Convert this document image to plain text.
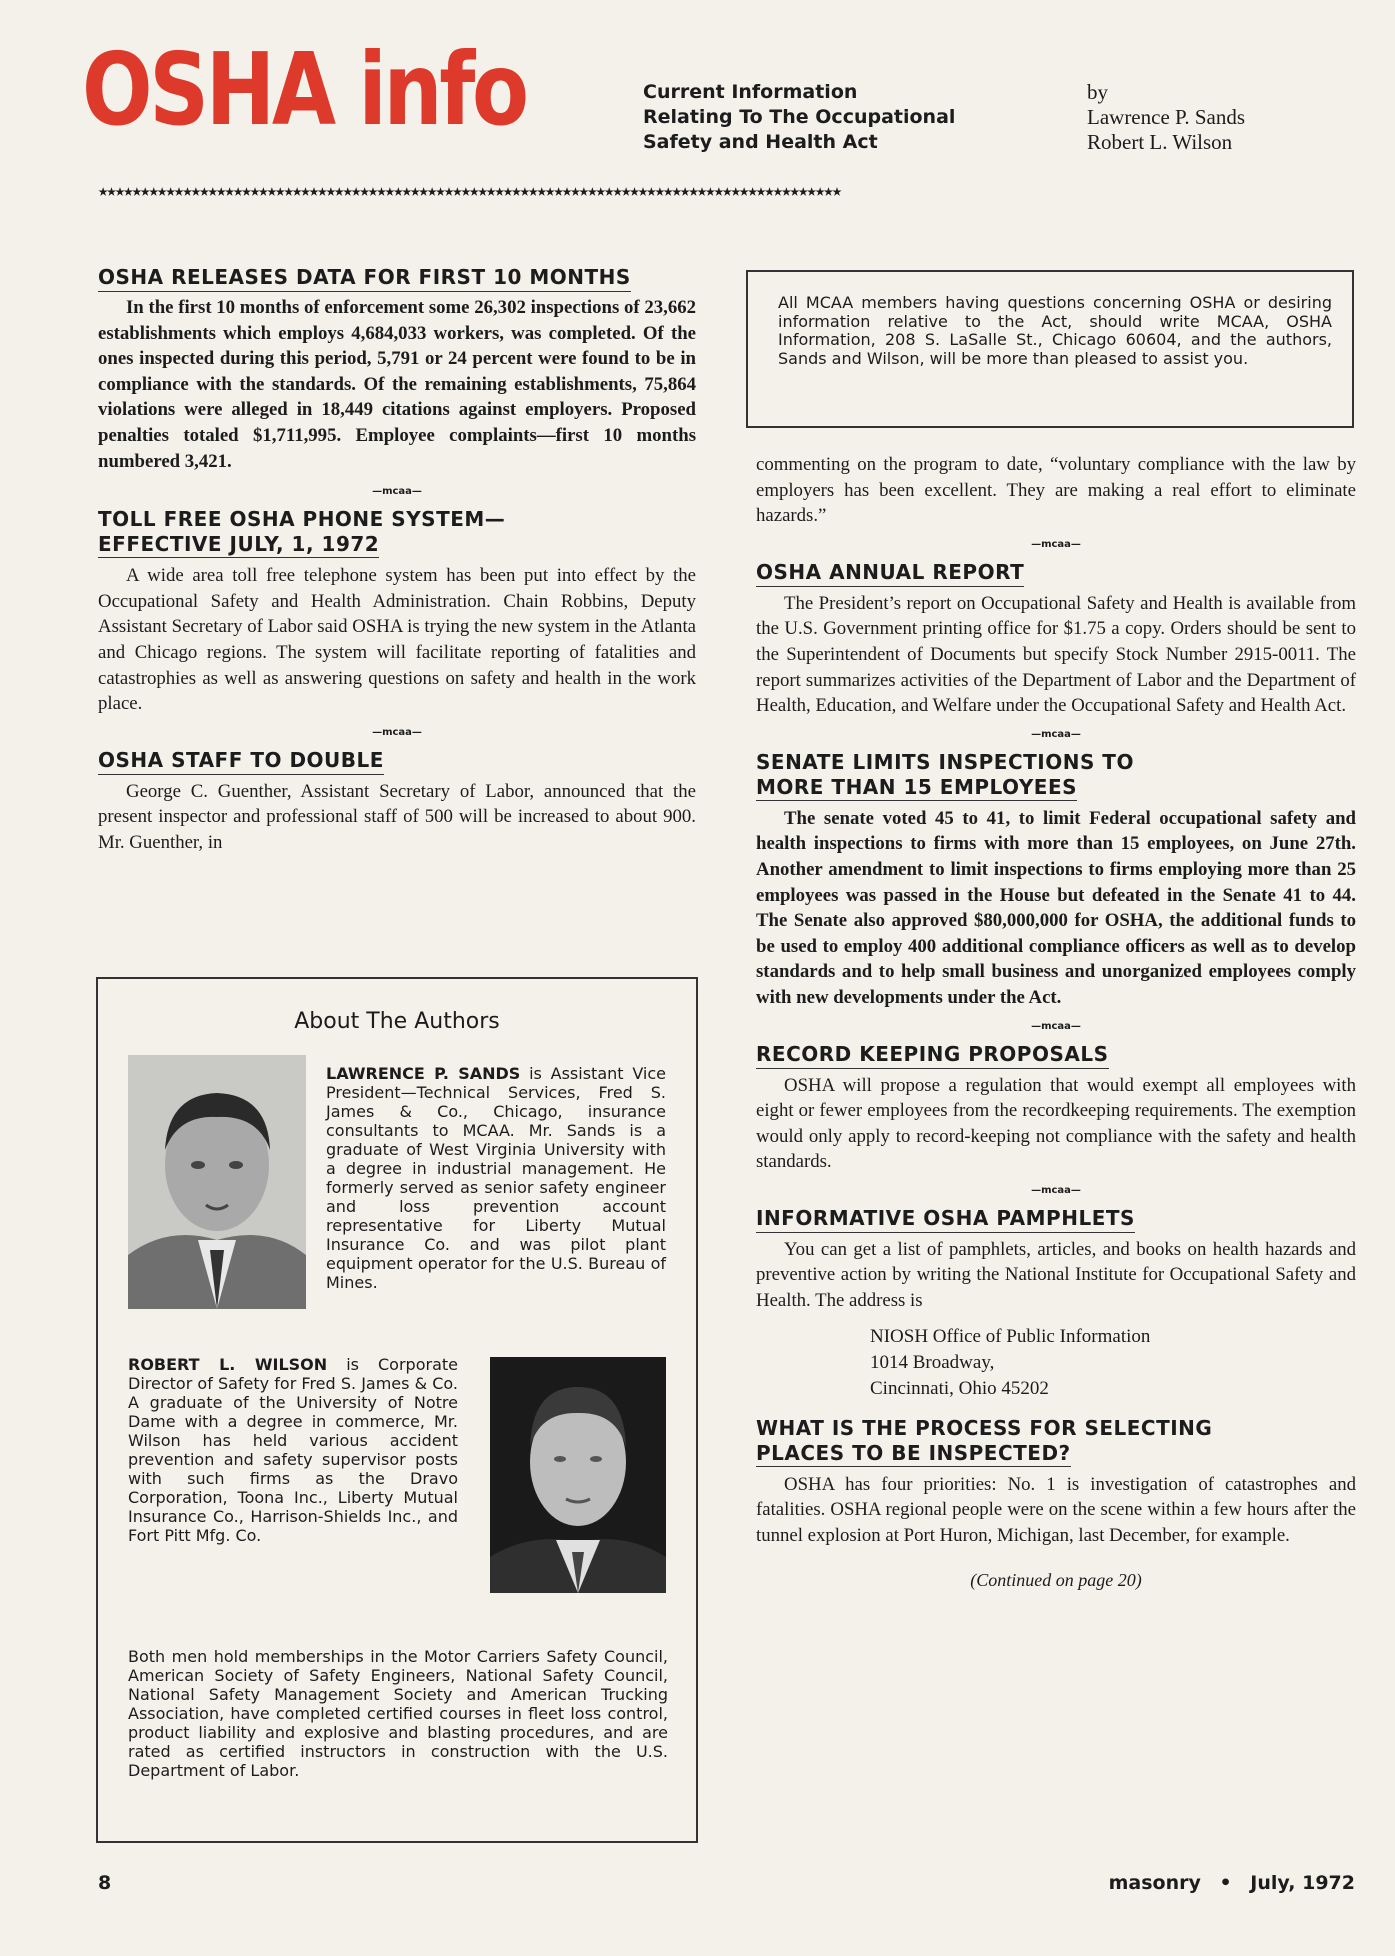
OSHA info	Current Information
Relating To The Occupational
Safety and Health Act
by
Lawrence P. Sands
Robert L. Wilson
★★★★★★★★★★★★★★★★★★★★★★★★★★★★★★★★★★★★★★★★★★★★★★★★★★★★★★★★★★★★★★★★★★★★★★★★★★★★★★★★★★★★★★★★
OSHA RELEASES DATA FOR FIRST 10 MONTHS

In the first 10 months of enforcement some 26,302 inspections of 23,662 establishments which employs 4,684,033 workers, was completed. Of the ones inspected during this period, 5,791 or 24 percent were found to be in compliance with the standards. Of the remaining establishments, 75,864 violations were alleged in 18,449 citations against employers. Proposed penalties totaled $1,711,995. Employee complaints—first 10 months numbered 3,421.

—mcaa—
TOLL FREE OSHA PHONE SYSTEM—
EFFECTIVE JULY, 1, 1972

A wide area toll free telephone system has been put into effect by the Occupational Safety and Health Administration. Chain Robbins, Deputy Assistant Secretary of Labor said OSHA is trying the new system in the Atlanta and Chicago regions. The system will facilitate reporting of fatalities and catastrophies as well as answering questions on safety and health in the work place.

—mcaa—
OSHA STAFF TO DOUBLE

George C. Guenther, Assistant Secretary of Labor, announced that the present inspector and professional staff of 500 will be increased to about 900. Mr. Guenther, in

About The Authors
LAWRENCE P. SANDS is Assistant Vice President—Technical Services, Fred S. James & Co., Chicago, insurance consultants to MCAA. Mr. Sands is a graduate of West Virginia University with a degree in industrial management. He formerly served as senior safety engineer and loss prevention account representative for Liberty Mutual Insurance Co. and was pilot plant equipment operator for the U.S. Bureau of Mines.
ROBERT L. WILSON is Corporate Director of Safety for Fred S. James & Co. A graduate of the University of Notre Dame with a degree in commerce, Mr. Wilson has held various accident prevention and safety supervisor posts with such firms as the Dravo Corporation, Toona Inc., Liberty Mutual Insurance Co., Harrison-Shields Inc., and Fort Pitt Mfg. Co.
Both men hold memberships in the Motor Carriers Safety Council, American Society of Safety Engineers, National Safety Council, National Safety Management Society and American Trucking Association, have completed certified courses in fleet loss control, product liability and explosive and blasting procedures, and are rated as certified instructors in construction with the U.S. Department of Labor.

All MCAA members having questions concerning OSHA or desiring information relative to the Act, should write MCAA, OSHA Information, 208 S. LaSalle St., Chicago 60604, and the authors, Sands and Wilson, will be more than pleased to assist you.

commenting on the program to date, “voluntary compliance with the law by employers has been excellent. They are making a real effort to eliminate hazards.”

—mcaa—
OSHA ANNUAL REPORT

The President’s report on Occupational Safety and Health is available from the U.S. Government printing office for $1.75 a copy. Orders should be sent to the Superintendent of Documents but specify Stock Number 2915-0011. The report summarizes activities of the Department of Labor and the Department of Health, Education, and Welfare under the Occupational Safety and Health Act.

—mcaa—
SENATE LIMITS INSPECTIONS TO
MORE THAN 15 EMPLOYEES

The senate voted 45 to 41, to limit Federal occupational safety and health inspections to firms with more than 15 employees, on June 27th. Another amendment to limit inspections to firms employing more than 25 employees was passed in the House but defeated in the Senate 41 to 44. The Senate also approved $80,000,000 for OSHA, the additional funds to be used to employ 400 additional compliance officers as well as to develop standards and to help small business and unorganized employees comply with new developments under the Act.

—mcaa—
RECORD KEEPING PROPOSALS

OSHA will propose a regulation that would exempt all employees with eight or fewer employees from the recordkeeping requirements. The exemption would only apply to record-keeping not compliance with the safety and health standards.

—mcaa—
INFORMATIVE OSHA PAMPHLETS

You can get a list of pamphlets, articles, and books on health hazards and preventive action by writing the National Institute for Occupational Safety and Health. The address is

NIOSH Office of Public Information
1014 Broadway,
Cincinnati, Ohio 45202
WHAT IS THE PROCESS FOR SELECTING
PLACES TO BE INSPECTED?

OSHA has four priorities: No. 1 is investigation of catastrophes and fatalities. OSHA regional people were on the scene within a few hours after the tunnel explosion at Port Huron, Michigan, last December, for example.

(Continued on page 20)
8	masonry • July, 1972
